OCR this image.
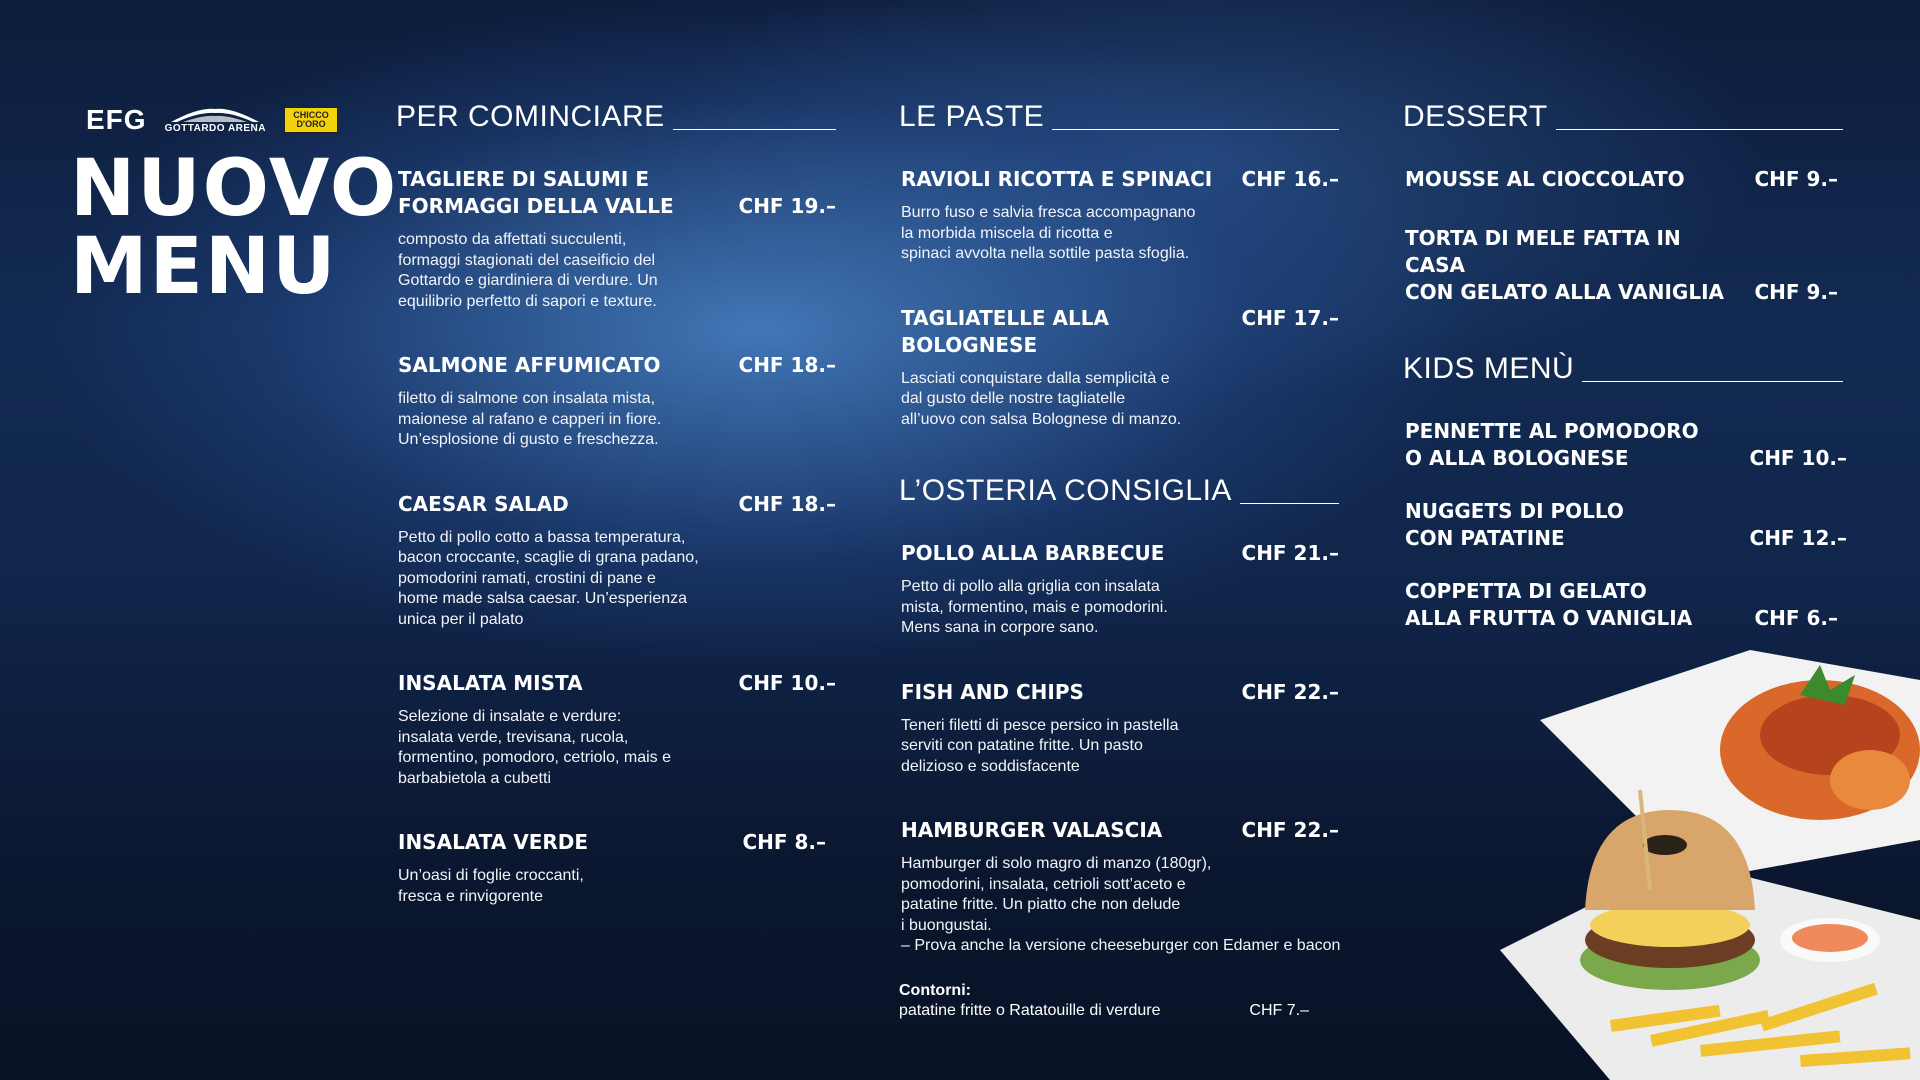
EFG GOTTARDO ARENA
CHICCO D'ORO
NUOVO
MENU
PER COMINCIARE
TAGLIERE DI SALUMI E
FORMAGGI DELLA VALLE	CHF 19.–
composto da affettati succulenti,
formaggi stagionati del caseificio del
Gottardo e giardiniera di verdure. Un
equilibrio perfetto di sapori e texture.
SALMONE AFFUMICATO	CHF 18.–
filetto di salmone con insalata mista,
maionese al rafano e capperi in fiore.
Un’esplosione di gusto e freschezza.
CAESAR SALAD	CHF 18.–
Petto di pollo cotto a bassa temperatura,
bacon croccante, scaglie di grana padano,
pomodorini ramati, crostini di pane e
home made salsa caesar. Un’esperienza
unica per il palato
INSALATA MISTA	CHF 10.–
Selezione di insalate e verdure:
insalata verde, trevisana, rucola,
formentino, pomodoro, cetriolo, mais e
barbabietola a cubetti
INSALATA VERDE	CHF 8.–
Un’oasi di foglie croccanti,
fresca e rinvigorente
LE PASTE
RAVIOLI RICOTTA E SPINACI	CHF 16.–
Burro fuso e salvia fresca accompagnano
la morbida miscela di ricotta e
spinaci avvolta nella sottile pasta sfoglia.
TAGLIATELLE ALLA BOLOGNESE
CHF 17.–
Lasciati conquistare dalla semplicità e
dal gusto delle nostre tagliatelle
all’uovo con salsa Bolognese di manzo.
L’OSTERIA CONSIGLIA
POLLO ALLA BARBECUE	CHF 21.–
Petto di pollo alla griglia con insalata
mista, formentino, mais e pomodorini.
Mens sana in corpore sano.
FISH AND CHIPS	CHF 22.–
Teneri filetti di pesce persico in pastella
serviti con patatine fritte. Un pasto
delizioso e soddisfacente
HAMBURGER VALASCIA	CHF 22.–
Hamburger di solo magro di manzo (180gr),
pomodorini, insalata, cetrioli sott’aceto e
patatine fritte. Un piatto che non delude
i buongustai.
– Prova anche la versione cheeseburger con Edamer e bacon
Contorni:
patatine fritte o Ratatouille di verdure	CHF 7.–
DESSERT
MOUSSE AL CIOCCOLATO	CHF 9.–
TORTA DI MELE FATTA IN CASA
CON GELATO ALLA VANIGLIA	CHF 9.–
KIDS MENÙ
PENNETTE AL POMODORO
O ALLA BOLOGNESE	CHF 10.–
NUGGETS DI POLLO
CON PATATINE	CHF 12.–
COPPETTA DI GELATO
ALLA FRUTTA O VANIGLIA	CHF 6.–
